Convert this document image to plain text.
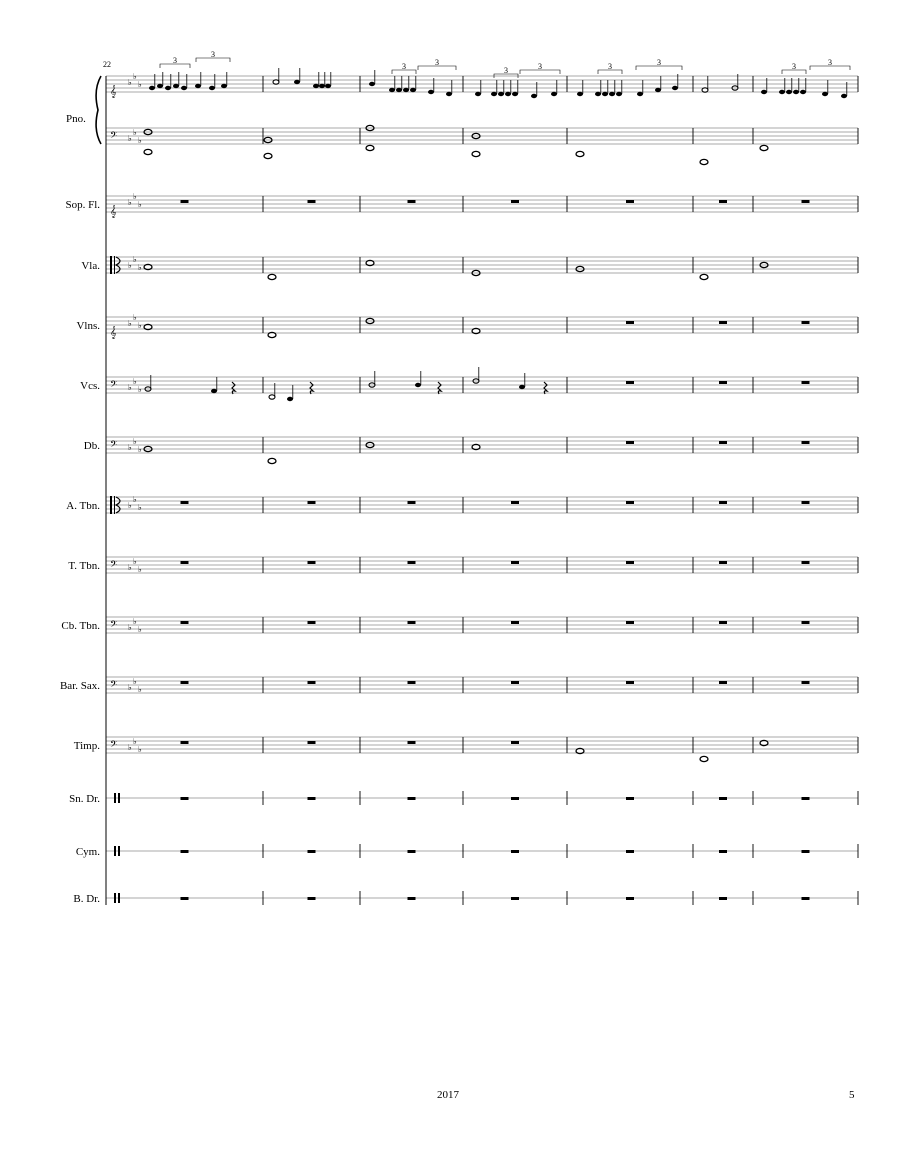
𝄞
♭
♭
♭
𝄢 ♭
♭
♭
Pno.
𝄞
♭
♭
♭
Sop. Fl.
♭
♭
♭
Vla.
𝄞
♭
♭
♭
Vlns.
𝄢 ♭
♭
♭
Vcs.
𝄢 ♭
♭
♭
Db.
♭
♭
♭
A. Tbn.
𝄢 ♭
♭
♭
T. Tbn.
𝄢 ♭
♭
♭
Cb. Tbn.
𝄢 ♭
♭
♭
Bar. Sax.
𝄢 ♭
♭
♭
Timp.
Sn. Dr.
Cym.
B. Dr.
22	3
3
3	3
3	3	3	3	3	3
2017	5
